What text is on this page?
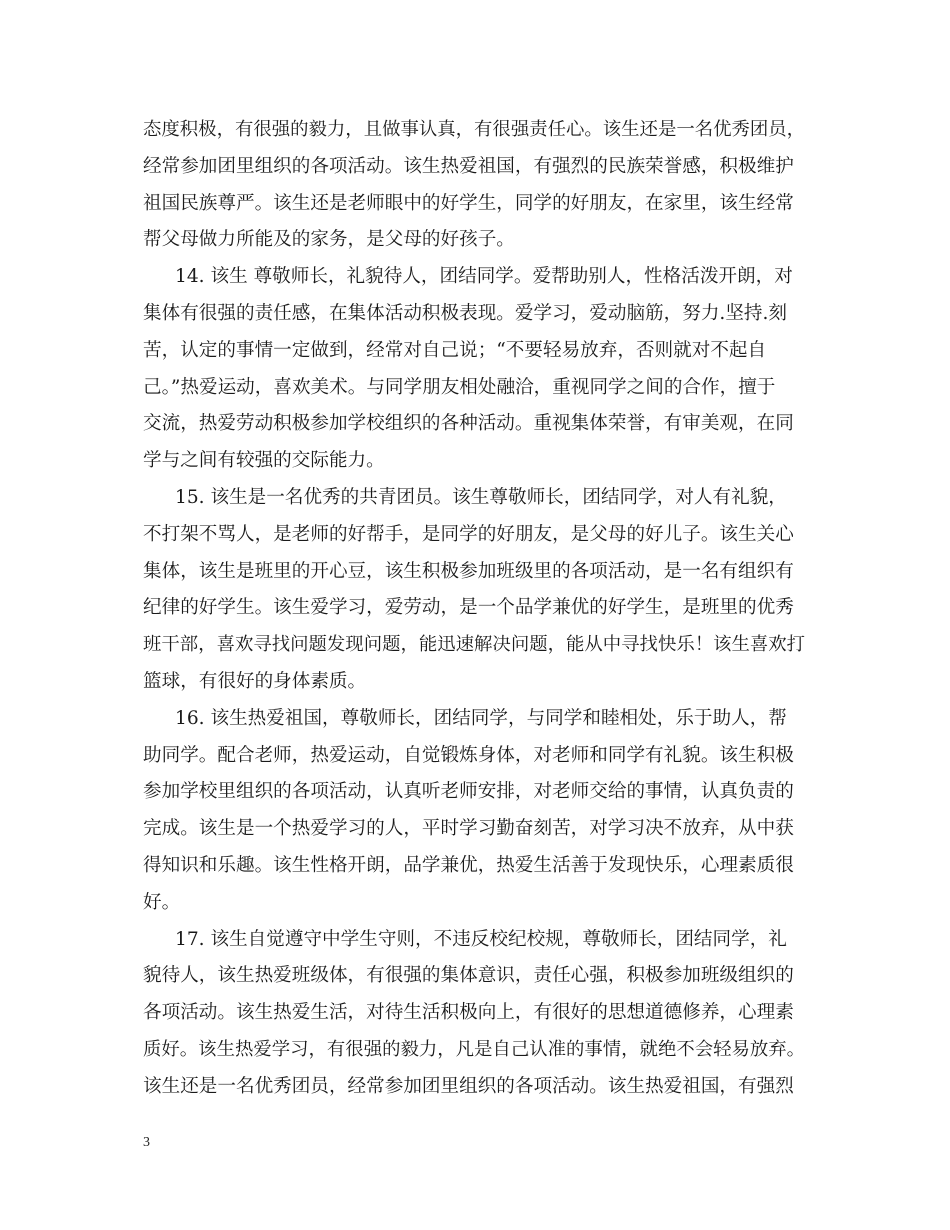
态度积极，有很强的毅力，且做事认真，有很强责任心。该生还是一名优秀团员，
经常参加团里组织的各项活动。该生热爱祖国，有强烈的民族荣誉感，积极维护
祖国民族尊严。该生还是老师眼中的好学生，同学的好朋友，在家里，该生经常
帮父母做力所能及的家务，是父母的好孩子。
14. 该生 尊敬师长，礼貌待人，团结同学。爱帮助别人，性格活泼开朗，对
集体有很强的责任感，在集体活动积极表现。爱学习，爱动脑筋，努力.坚持.刻
苦，认定的事情一定做到，经常对自己说；“不要轻易放弃，否则就对不起自
己。”热爱运动，喜欢美术。与同学朋友相处融洽，重视同学之间的合作，擅于
交流，热爱劳动积极参加学校组织的各种活动。重视集体荣誉，有审美观，在同
学与之间有较强的交际能力。
15. 该生是一名优秀的共青团员。该生尊敬师长，团结同学，对人有礼貌，
不打架不骂人，是老师的好帮手，是同学的好朋友，是父母的好儿子。该生关心
集体，该生是班里的开心豆，该生积极参加班级里的各项活动，是一名有组织有
纪律的好学生。该生爱学习，爱劳动，是一个品学兼优的好学生，是班里的优秀
班干部，喜欢寻找问题发现问题，能迅速解决问题，能从中寻找快乐！该生喜欢打
篮球，有很好的身体素质。
16. 该生热爱祖国，尊敬师长，团结同学，与同学和睦相处，乐于助人，帮
助同学。配合老师，热爱运动，自觉锻炼身体，对老师和同学有礼貌。该生积极
参加学校里组织的各项活动，认真听老师安排，对老师交给的事情，认真负责的
完成。该生是一个热爱学习的人，平时学习勤奋刻苦，对学习决不放弃，从中获
得知识和乐趣。该生性格开朗，品学兼优，热爱生活善于发现快乐，心理素质很
好。
17. 该生自觉遵守中学生守则，不违反校纪校规，尊敬师长，团结同学，礼
貌待人，该生热爱班级体，有很强的集体意识，责任心强，积极参加班级组织的
各项活动。该生热爱生活，对待生活积极向上，有很好的思想道德修养，心理素
质好。该生热爱学习，有很强的毅力，凡是自己认准的事情，就绝不会轻易放弃。
该生还是一名优秀团员，经常参加团里组织的各项活动。该生热爱祖国，有强烈
3
